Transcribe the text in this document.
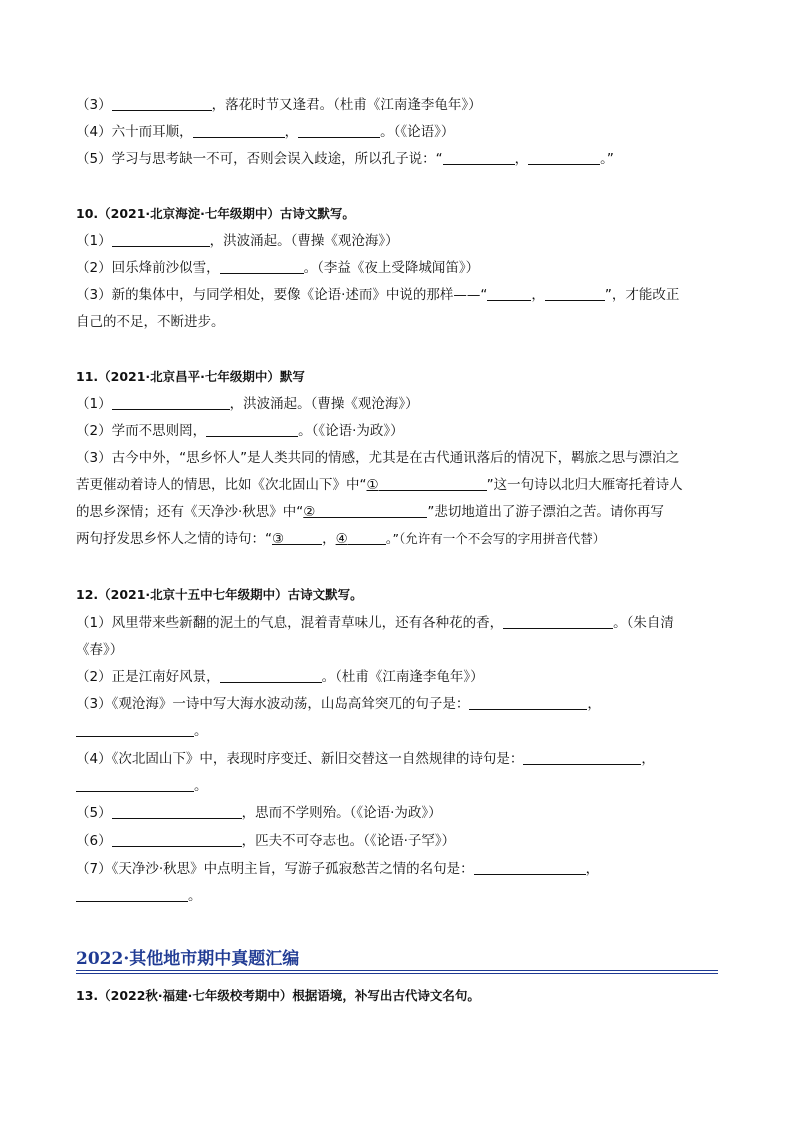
（3）	，落花时节又逢君。（杜甫《江南逢李龟年》）
（4）六十而耳顺，	，	。（《论语》）
（5）学习与思考缺一不可，否则会误入歧途，所以孔子说：“	，	。”
10.（2021·北京海淀·七年级期中）古诗文默写。
（1）	，洪波涌起。（曹操《观沧海》）
（2）回乐烽前沙似雪，	。（李益《夜上受降城闻笛》）
（3）新的集体中，与同学相处，要像《论语·述而》中说的那样——“	，	”，才能改正
自己的不足，不断进步。
11.（2021·北京昌平·七年级期中）默写
（1）	，洪波涌起。（曹操《观沧海》）
（2）学而不思则罔，	。（《论语·为政》）
（3）古今中外，“思乡怀人”是人类共同的情感，尤其是在古代通讯落后的情况下，羁旅之思与漂泊之
苦更催动着诗人的情思，比如《次北固山下》中“①	”这一句诗以北归大雁寄托着诗人
的思乡深情；还有《天净沙·秋思》中“②	”悲切地道出了游子漂泊之苦。请你再写
两句抒发思乡怀人之情的诗句：“③	，④	。”（允许有一个不会写的字用拼音代替）
12.（2021·北京十五中七年级期中）古诗文默写。
（1）风里带来些新翻的泥土的气息，混着青草味儿，还有各种花的香，	。（朱自清
《春》）
（2）正是江南好风景，	。（杜甫《江南逢李龟年》）
（3）《观沧海》一诗中写大海水波动荡，山岛高耸突兀的句子是：	，
。
（4）《次北固山下》中，表现时序变迁、新旧交替这一自然规律的诗句是：	，
。
（5）	，思而不学则殆。（《论语·为政》）
（6）	，匹夫不可夺志也。（《论语·子罕》）
（7）《天净沙·秋思》中点明主旨，写游子孤寂愁苦之情的名句是：	，
。
2022·其他地市期中真题汇编
13.（2022秋·福建·七年级校考期中）根据语境，补写出古代诗文名句。
